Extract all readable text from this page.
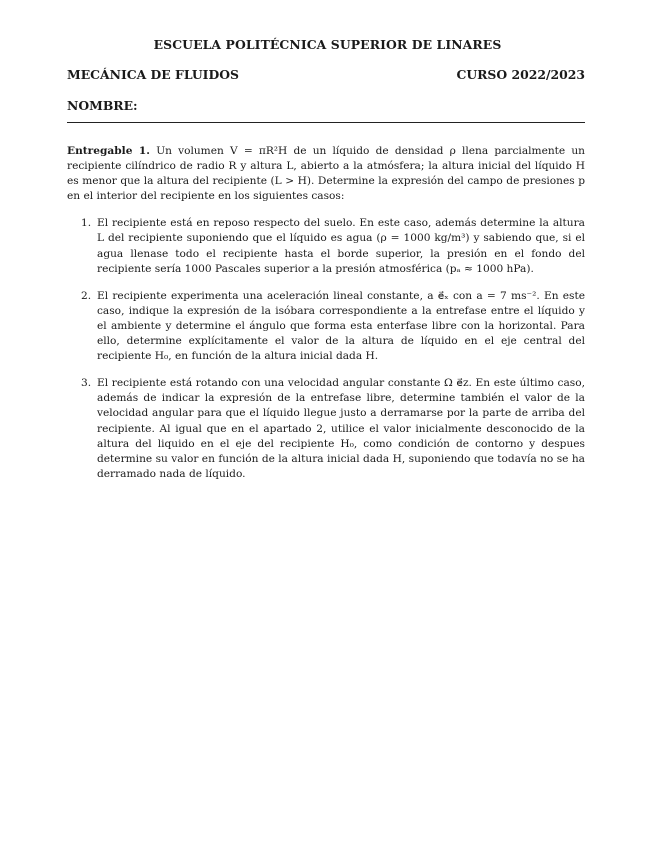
ESCUELA POLITÉCNICA SUPERIOR DE LINARES
MECÁNICA DE FLUIDOS	CURSO 2022/2023
NOMBRE:

Entregable 1. Un volumen V = πR²H de un líquido de densidad ρ llena parcialmente un recipiente cilíndrico de radio R y altura L, abierto a la atmósfera; la altura inicial del líquido H es menor que la altura del recipiente (L > H). Determine la expresión del campo de presiones p en el interior del recipiente en los siguientes casos:

1. El recipiente está en reposo respecto del suelo. En este caso, además determine la altura L del recipiente suponiendo que el líquido es agua (ρ = 1000 kg/m³) y sabiendo que, si el agua llenase todo el recipiente hasta el borde superior, la presión en el fondo del recipiente sería 1000 Pascales superior a la presión atmosférica (pₐ ≈ 1000 hPa).
2. El recipiente experimenta una aceleración lineal constante, a e⃗ₓ con a = 7 ms⁻². En este caso, indique la expresión de la isóbara correspondiente a la entrefase entre el líquido y el ambiente y determine el ángulo que forma esta enterfase libre con la horizontal. Para ello, determine explícitamente el valor de la altura de líquido en el eje central del recipiente H₀, en función de la altura inicial dada H.
3. El recipiente está rotando con una velocidad angular constante Ω e⃗z. En este último caso, además de indicar la expresión de la entrefase libre, determine también el valor de la velocidad angular para que el líquido llegue justo a derramarse por la parte de arriba del recipiente. Al igual que en el apartado 2, utilice el valor inicialmente desconocido de la altura del liquido en el eje del recipiente H₀, como condición de contorno y despues determine su valor en función de la altura inicial dada H, suponiendo que todavía no se ha derramado nada de líquido.
